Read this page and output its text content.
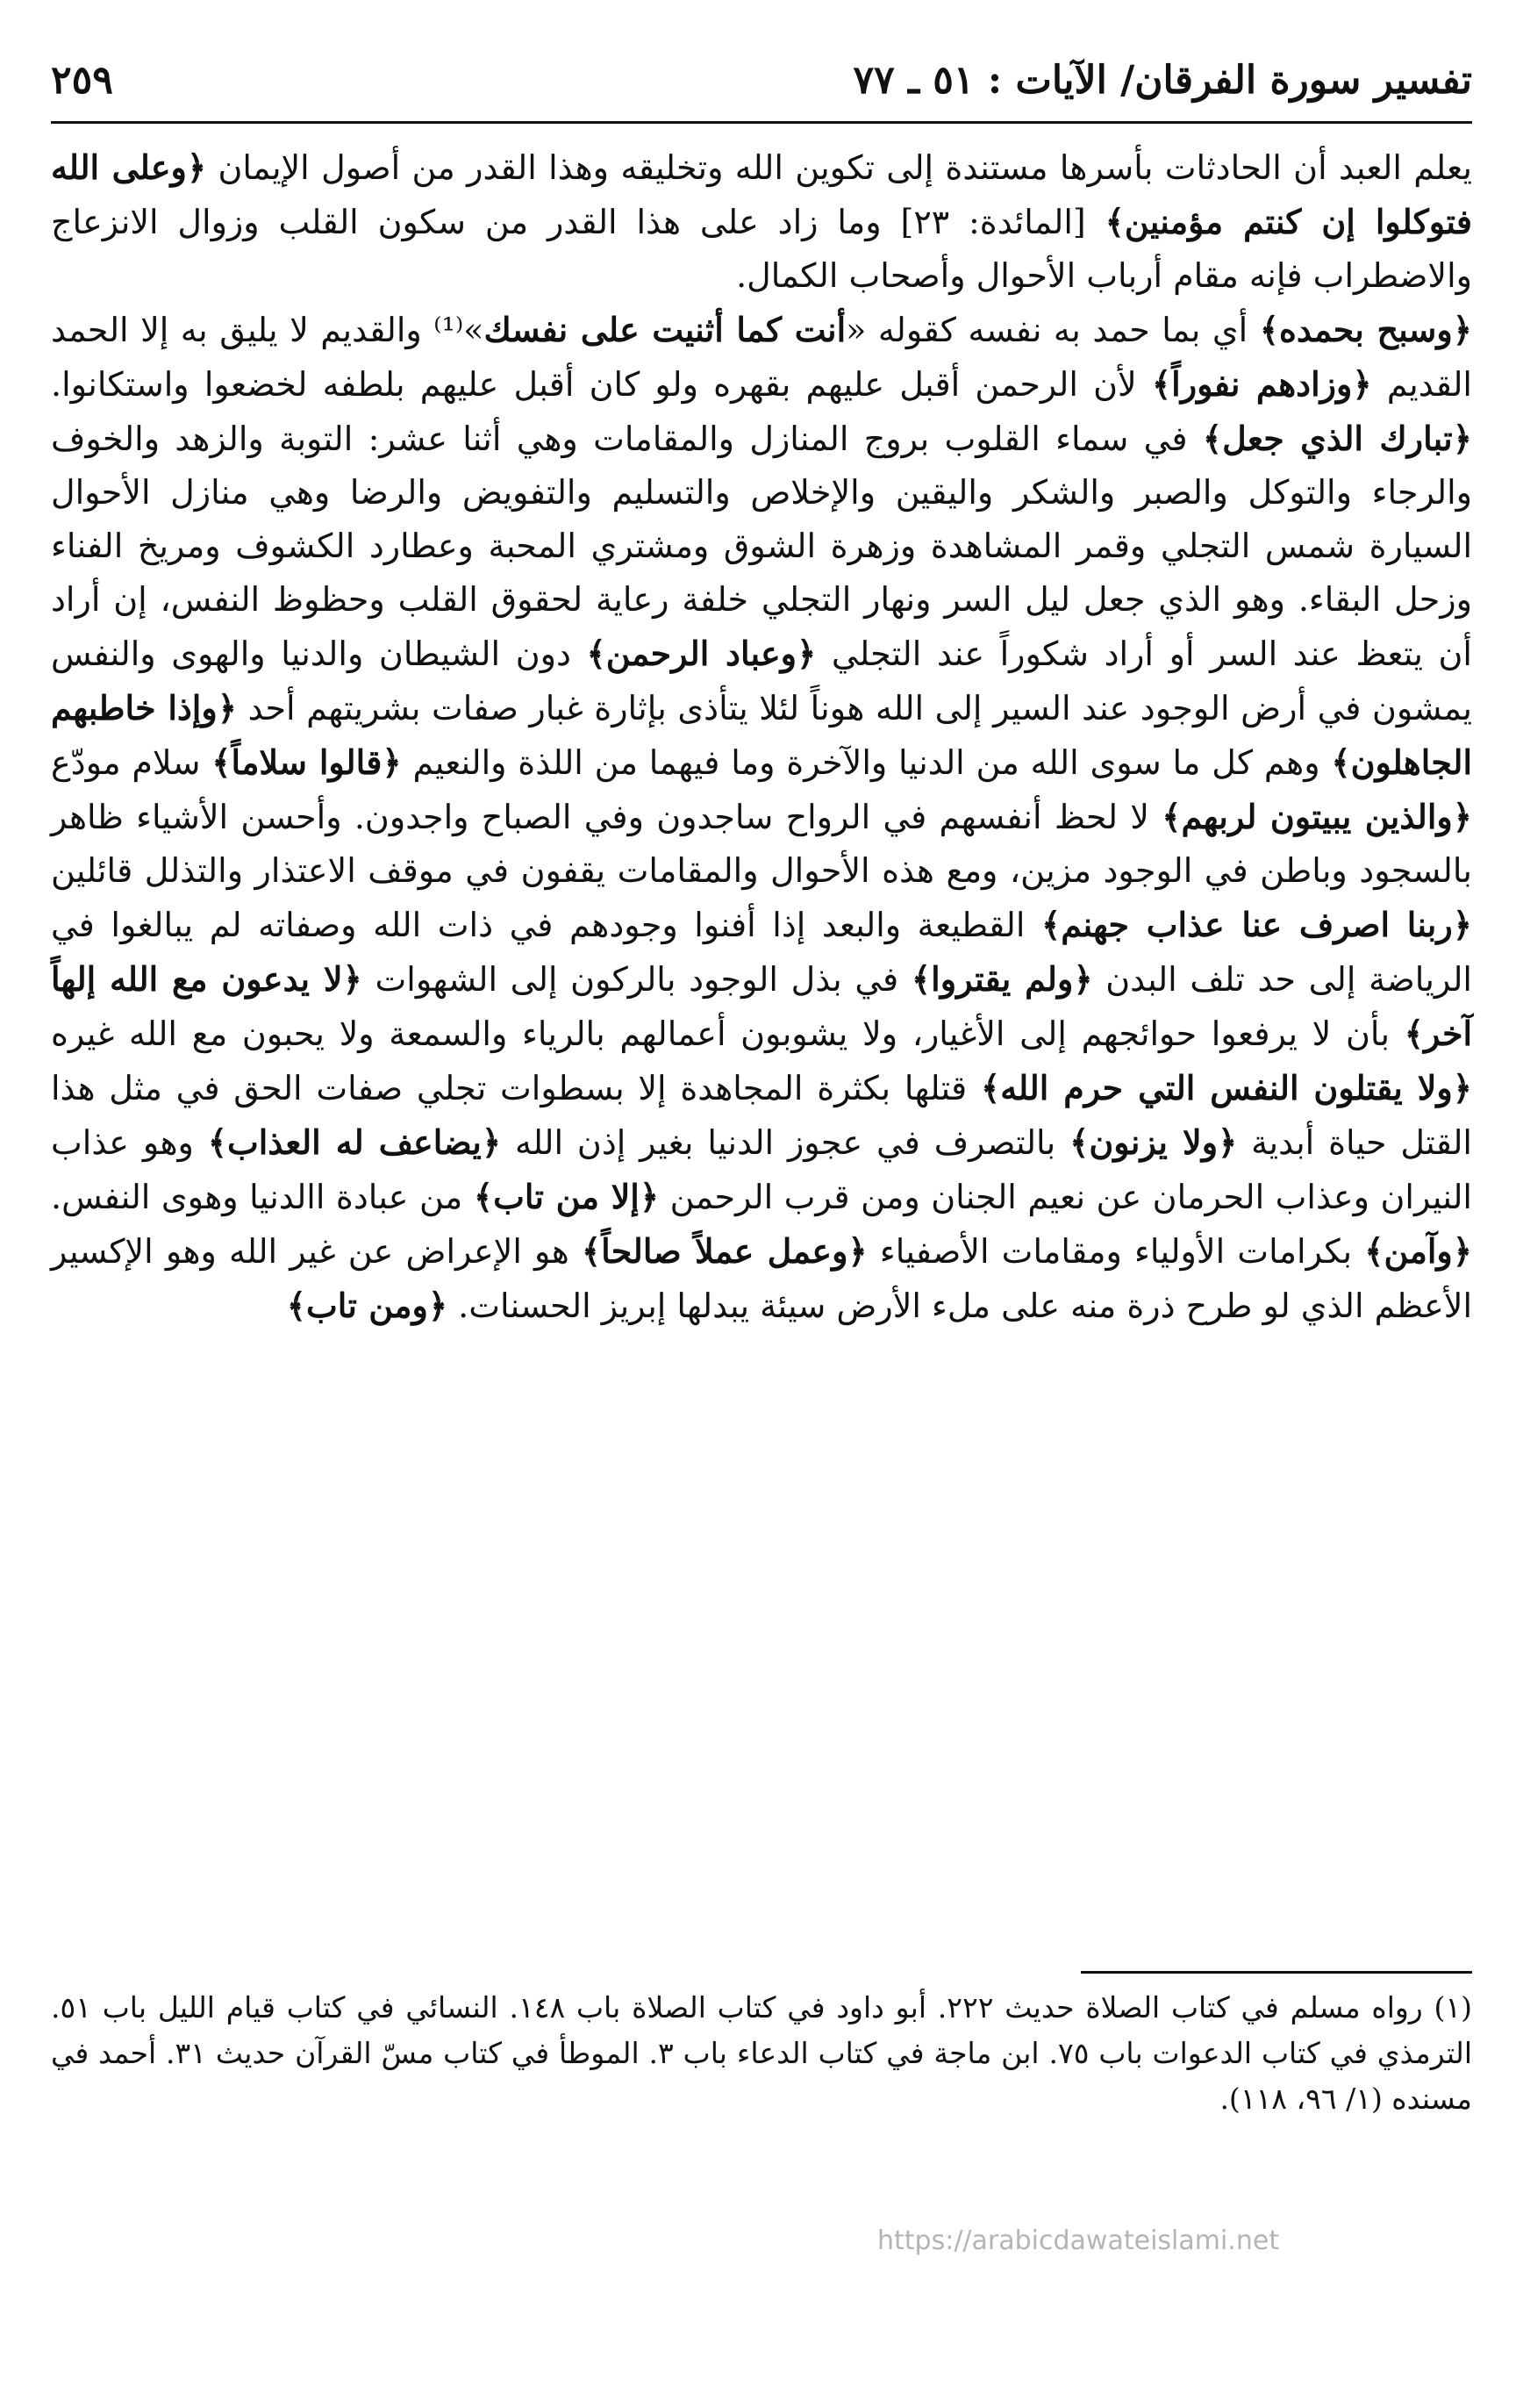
تفسير سورة الفرقان/ الآيات : ٥١ ـ ٧٧
٢٥٩

يعلم العبد أن الحادثات بأسرها مستندة إلى تكوين الله وتخليقه وهذا القدر من أصول الإيمان ﴿وعلى الله فتوكلوا إن كنتم مؤمنين﴾ [المائدة: ٢٣] وما زاد على هذا القدر من سكون القلب وزوال الانزعاج والاضطراب فإنه مقام أرباب الأحوال وأصحاب الكمال.
﴿وسبح بحمده﴾ أي بما حمد به نفسه كقوله «أنت كما أثنيت على نفسك»⁽¹⁾ والقديم لا يليق به إلا الحمد القديم ﴿وزادهم نفوراً﴾ لأن الرحمن أقبل عليهم بقهره ولو كان أقبل عليهم بلطفه لخضعوا واستكانوا. ﴿تبارك الذي جعل﴾ في سماء القلوب بروج المنازل والمقامات وهي أثنا عشر: التوبة والزهد والخوف والرجاء والتوكل والصبر والشكر واليقين والإخلاص والتسليم والتفويض والرضا وهي منازل الأحوال السيارة شمس التجلي وقمر المشاهدة وزهرة الشوق ومشتري المحبة وعطارد الكشوف ومريخ الفناء وزحل البقاء. وهو الذي جعل ليل السر ونهار التجلي خلفة رعاية لحقوق القلب وحظوظ النفس، إن أراد أن يتعظ عند السر أو أراد شكوراً عند التجلي ﴿وعباد الرحمن﴾ دون الشيطان والدنيا والهوى والنفس يمشون في أرض الوجود عند السير إلى الله هوناً لئلا يتأذى بإثارة غبار صفات بشريتهم أحد ﴿وإذا خاطبهم الجاهلون﴾ وهم كل ما سوى الله من الدنيا والآخرة وما فيهما من اللذة والنعيم ﴿قالوا سلاماً﴾ سلام مودّع ﴿والذين يبيتون لربهم﴾ لا لحظ أنفسهم في الرواح ساجدون وفي الصباح واجدون. وأحسن الأشياء ظاهر بالسجود وباطن في الوجود مزين، ومع هذه الأحوال والمقامات يقفون في موقف الاعتذار والتذلل قائلين ﴿ربنا اصرف عنا عذاب جهنم﴾ القطيعة والبعد إذا أفنوا وجودهم في ذات الله وصفاته لم يبالغوا في الرياضة إلى حد تلف البدن ﴿ولم يقتروا﴾ في بذل الوجود بالركون إلى الشهوات ﴿لا يدعون مع الله إلهاً آخر﴾ بأن لا يرفعوا حوائجهم إلى الأغيار، ولا يشوبون أعمالهم بالرياء والسمعة ولا يحبون مع الله غيره ﴿ولا يقتلون النفس التي حرم الله﴾ قتلها بكثرة المجاهدة إلا بسطوات تجلي صفات الحق في مثل هذا القتل حياة أبدية ﴿ولا يزنون﴾ بالتصرف في عجوز الدنيا بغير إذن الله ﴿يضاعف له العذاب﴾ وهو عذاب النيران وعذاب الحرمان عن نعيم الجنان ومن قرب الرحمن ﴿إلا من تاب﴾ من عبادة االدنيا وهوى النفس. ﴿وآمن﴾ بكرامات الأولياء ومقامات الأصفياء ﴿وعمل عملاً صالحاً﴾ هو الإعراض عن غير الله وهو الإكسير الأعظم الذي لو طرح ذرة منه على ملء الأرض سيئة يبدلها إبريز الحسنات. ﴿ومن تاب﴾

(١) رواه مسلم في كتاب الصلاة حديث ٢٢٢. أبو داود في كتاب الصلاة باب ١٤٨. النسائي في كتاب قيام الليل باب ٥١. الترمذي في كتاب الدعوات باب ٧٥. ابن ماجة في كتاب الدعاء باب ٣. الموطأ في كتاب مسّ القرآن حديث ٣١. أحمد في مسنده (١/ ٩٦، ١١٨).

https://arabicdawateislami.net
